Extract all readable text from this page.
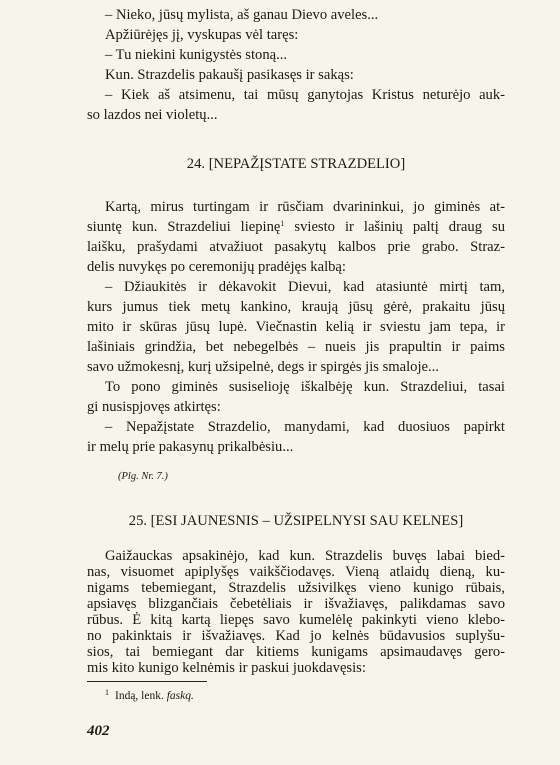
– Nieko, jūsų mylista, aš ganau Dievo aveles...
Apžiūrėjęs jį, vyskupas vėl taręs:
– Tu niekini kunigystės stoną...
Kun. Strazdelis pakaušį pasikasęs ir sakąs:
– Kiek aš atsimenu, tai mūsų ganytojas Kristus neturėjo auk-
so lazdos nei violetų...
24. [NEPAŽĮSTATE STRAZDELIO]
Kartą, mirus turtingam ir rūsčiam dvarininkui, jo giminės at-
siuntę kun. Strazdeliui liepinę$^1$ sviesto ir lašinių paltį draug su
laišku, prašydami atvažiuot pasakytų kalbos prie grabo. Straz-
delis nuvykęs po ceremonijų pradėjęs kalbą:
– Džiaukitės ir dėkavokit Dievui, kad atasiuntė mirtį tam,
kurs jumus tiek metų kankino, kraują jūsų gėrė, prakaitu jūsų
mito ir skūras jūsų lupė. Viečnastin kelią ir sviestu jam tepa, ir
lašiniais grindžia, bet nebegelbės – nueis jis prapultin ir paims
savo užmokesnį, kurį užsipelnė, degs ir spirgės jis smaloje...
To pono giminės susiselioję iškalbėję kun. Strazdeliui, tasai
gi nusispjovęs atkirtęs:
– Nepažįstate Strazdelio, manydami, kad duosiuos papirkt
ir melų prie pakasynų prikalbėsiu...
(Plg. Nr. 7.)
25. [ESI JAUNESNIS – UŽSIPELNYSI SAU KELNES]
Gaižauckas apsakinėjo, kad kun. Strazdelis buvęs labai bied-
nas, visuomet apiplyšęs vaikščiodavęs. Vieną atlaidų dieną, ku-
nigams tebemiegant, Strazdelis užsivilkęs vieno kunigo rūbais,
apsiavęs blizgančiais čebetėliais ir išvažiavęs, palikdamas savo
rūbus. Ė kitą kartą liepęs savo kumelėlę pakinkyti vieno klebo-
no pakinktais ir išvažiavęs. Kad jo kelnės būdavusios suplyšu-
$^1$ Indą, lenk. faskq.
402
sios, tai bemiegant dar kitiems kunigams apsimaudavęs gero-
mis kito kunigo kelnėmis ir paskui juokdavęsis:
